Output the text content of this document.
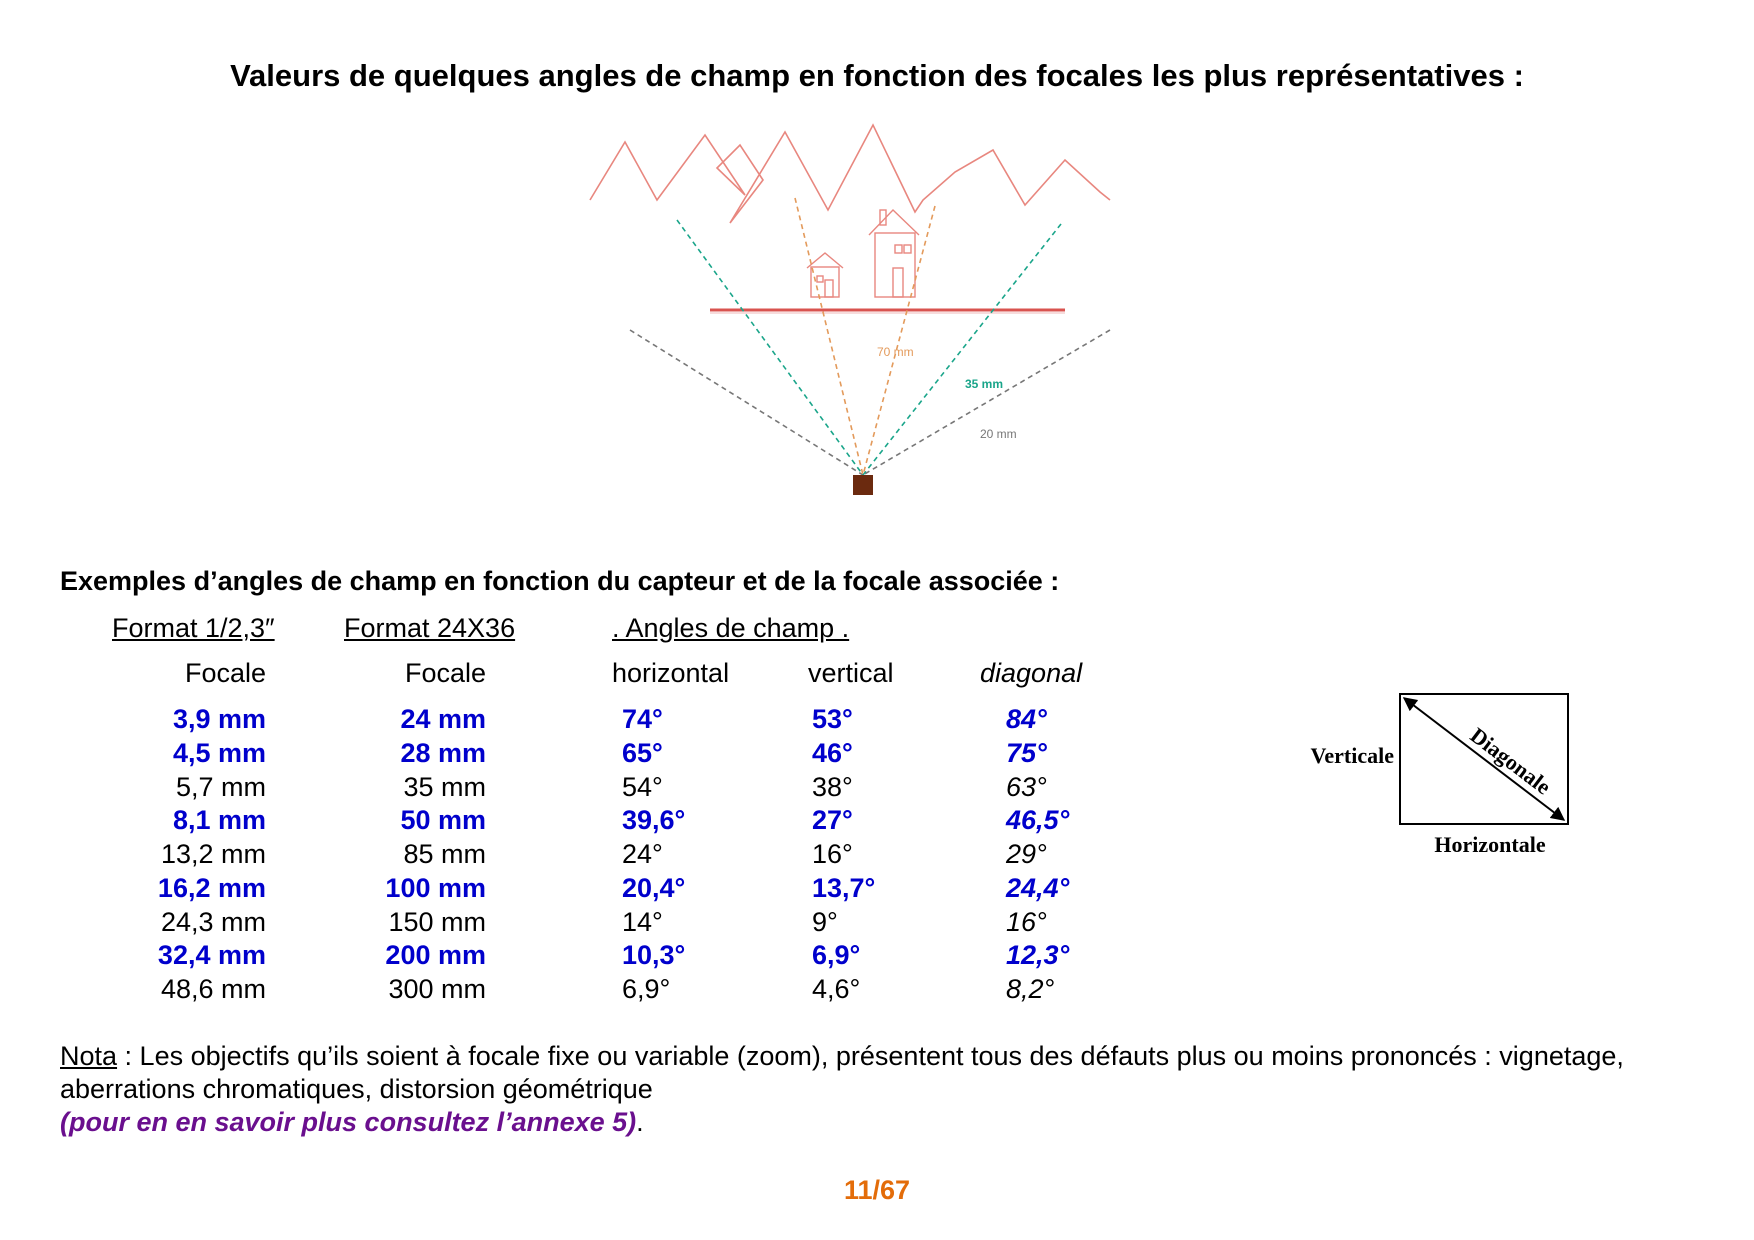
Valeurs de quelques angles de champ en fonction des focales les plus représentatives :
70 mm
35 mm
20 mm

Exemples d’angles de champ en fonction du capteur et de la focale associée :

Format 1/2,3″	Format 24X36	. Angles de champ .
Focale	Focale	horizontal	vertical	diagonal
3,9 mm	24 mm	74°	53°	84°
4,5 mm	28 mm	65°	46°	75°
5,7 mm	35 mm	54°	38°	63°
8,1 mm	50 mm	39,6°	27°	46,5°
13,2 mm	85 mm	24°	16°	29°
16,2 mm	100 mm	20,4°	13,7°	24,4°
24,3 mm	150 mm	14°	9°	16°
32,4 mm	200 mm	10,3°	6,9°	12,3°
48,6 mm	300 mm	6,9°	4,6°	8,2°
Diagonale
Verticale
Horizontale
Nota : Les objectifs qu’ils soient à focale fixe ou variable (zoom), présentent tous des défauts plus ou moins prononcés : vignetage, aberrations chromatiques, distorsion géométrique
(pour en en savoir plus consultez l’annexe 5).
11/67
